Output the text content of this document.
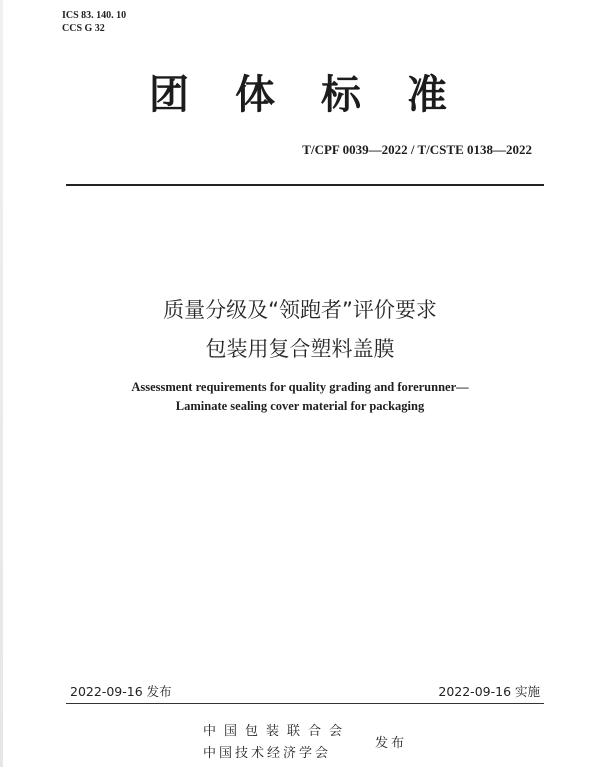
ICS 83. 140. 10
CCS G 32
团体标准
T/CPF 0039—2022 / T/CSTE 0138—2022
质量分级及“领跑者”评价要求
包装用复合塑料盖膜
Assessment requirements for quality grading and forerunner—
Laminate sealing cover material for packaging
2022-09-16 发布	2022-09-16 实施
中国包装联合会
中国技术经济学会
发布
